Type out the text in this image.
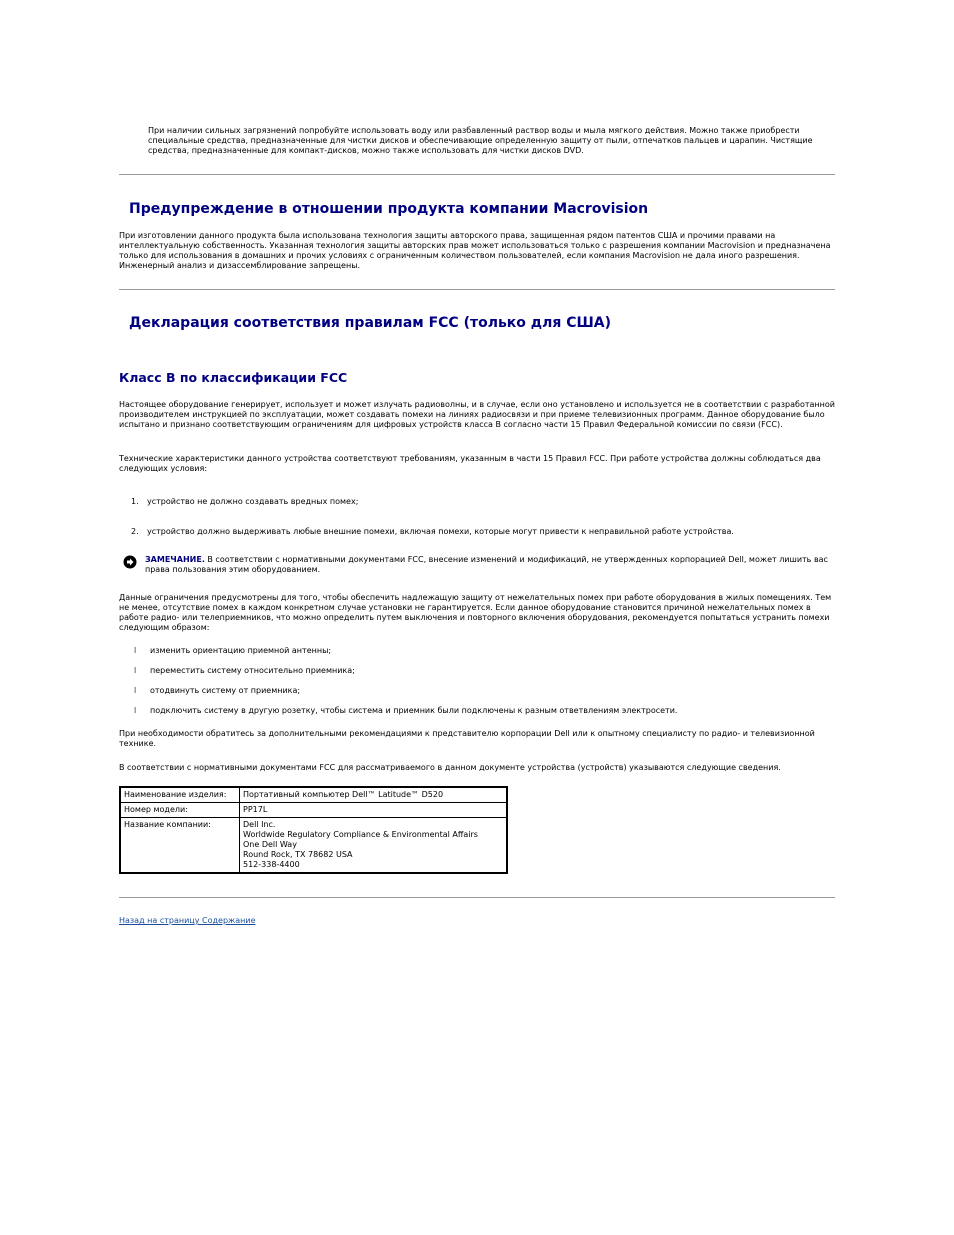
При наличии сильных загрязнений попробуйте использовать воду или разбавленный раствор воды и мыла мягкого действия. Можно также приобрести специальные средства, предназначенные для чистки дисков и обеспечивающие определенную защиту от пыли, отпечатков пальцев и царапин. Чистящие средства, предназначенные для компакт-дисков, можно также использовать для чистки дисков DVD.

Предупреждение в отношении продукта компании Macrovision

При изготовлении данного продукта была использована технология защиты авторского права, защищенная рядом патентов США и прочими правами на интеллектуальную собственность. Указанная технология защиты авторских прав может использоваться только с разрешения компании Macrovision и предназначена только для использования в домашних и прочих условиях с ограниченным количеством пользователей, если компания Macrovision не дала иного разрешения. Инженерный анализ и дизассемблирование запрещены.

Декларация соответствия правилам FCC (только для США)
Класс B по классификации FCC

Настоящее оборудование генерирует, использует и может излучать радиоволны, и в случае, если оно установлено и используется не в соответствии с разработанной производителем инструкцией по эксплуатации, может создавать помехи на линиях радиосвязи и при приеме телевизионных программ. Данное оборудование было испытано и признано соответствующим ограничениям для цифровых устройств класса B согласно части 15 Правил Федеральной комиссии по связи (FCC).

Технические характеристики данного устройства соответствуют требованиям, указанным в части 15 Правил FCC. При работе устройства должны соблюдаться два следующих условия:

1. устройство не должно создавать вредных помех;
2. устройство должно выдерживать любые внешние помехи, включая помехи, которые могут привести к неправильной работе устройства.

ЗАМЕЧАНИЕ. В соответствии с нормативными документами FCC, внесение изменений и модификаций, не утвержденных корпорацией Dell, может лишить вас права пользования этим оборудованием.

Данные ограничения предусмотрены для того, чтобы обеспечить надлежащую защиту от нежелательных помех при работе оборудования в жилых помещениях. Тем не менее, отсутствие помех в каждом конкретном случае установки не гарантируется. Если данное оборудование становится причиной нежелательных помех в работе радио- или телеприемников, что можно определить путем выключения и повторного включения оборудования, рекомендуется попытаться устранить помехи следующим образом:

l изменить ориентацию приемной антенны;
l переместить систему относительно приемника;
l отодвинуть систему от приемника;
l подключить систему в другую розетку, чтобы система и приемник были подключены к разным ответвлениям электросети.

При необходимости обратитесь за дополнительными рекомендациями к представителю корпорации Dell или к опытному специалисту по радио- и телевизионной технике.

В соответствии с нормативными документами FCC для рассматриваемого в данном документе устройства (устройств) указываются следующие сведения.

Наименование изделия:	Портативный компьютер Dell™ Latitude™ D520
Номер модели:	PP17L
Название компании:	Dell Inc.
Worldwide Regulatory Compliance & Environmental Affairs
One Dell Way
Round Rock, TX 78682 USA
512-338-4400
Назад на страницу Содержание
